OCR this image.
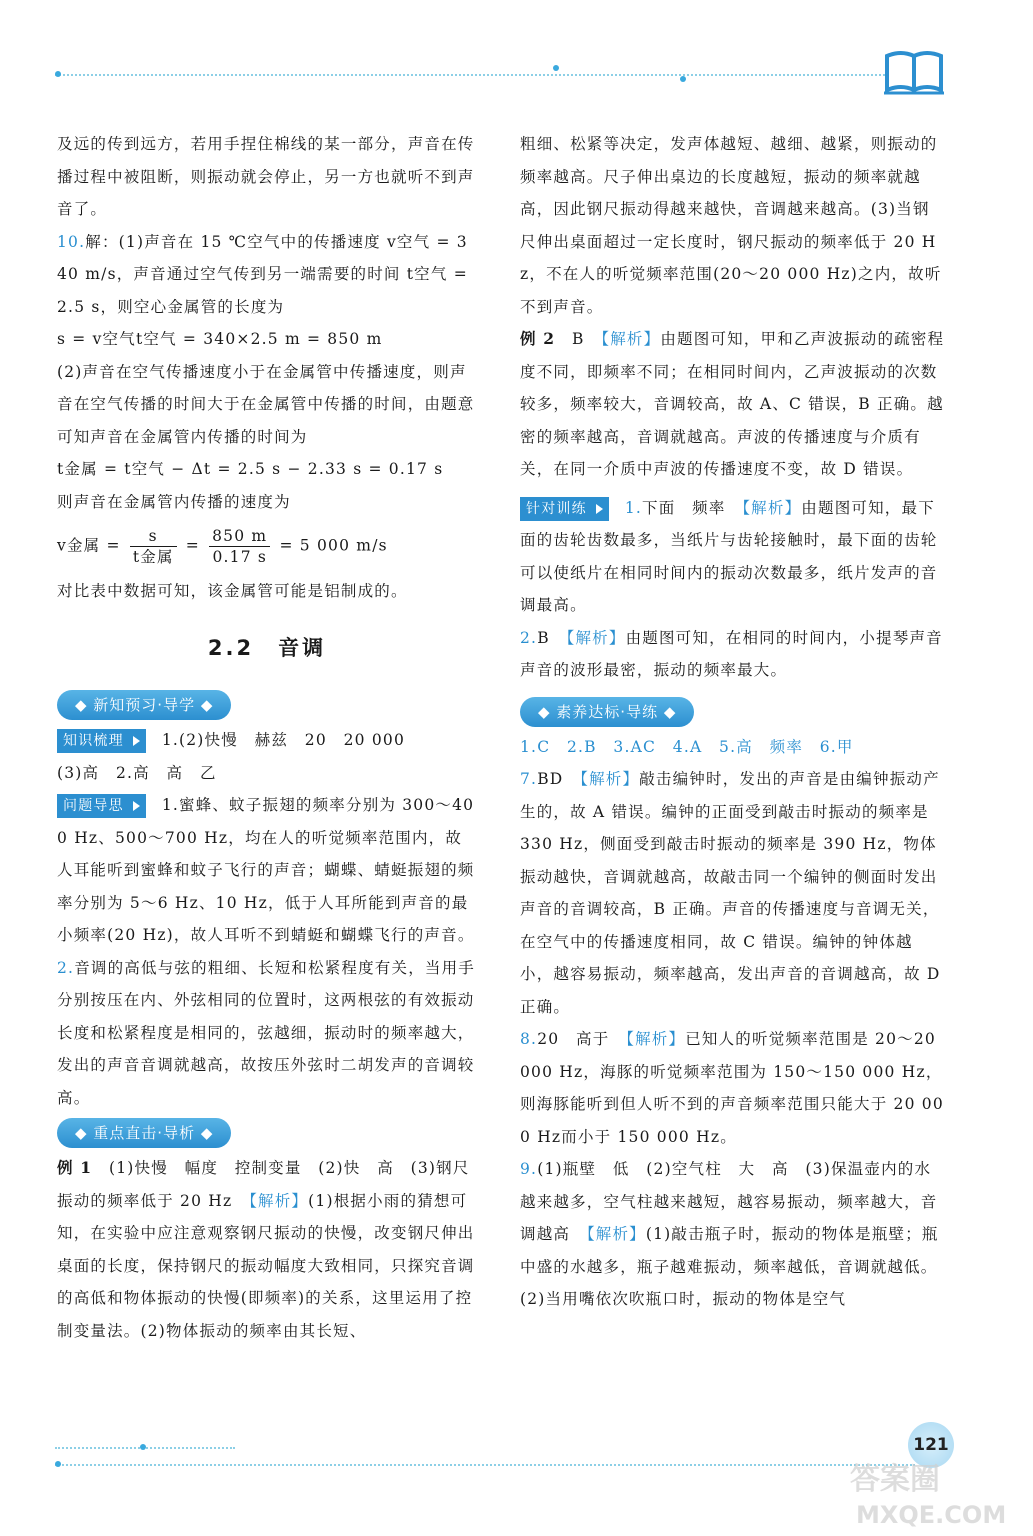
及远的传到远方，若用手捏住棉线的某一部分，声音在传播过程中被阻断，则振动就会停止，另一方也就听不到声音了。

10.解：(1)声音在 15 ℃空气中的传播速度 v空气 = 340 m/s，声音通过空气传到另一端需要的时间 t空气 = 2.5 s，则空心金属管的长度为

s = v空气t空气 = 340×2.5 m = 850 m

(2)声音在空气传播速度小于在金属管中传播速度，则声音在空气传播的时间大于在金属管中传播的时间，由题意可知声音在金属管内传播的时间为

t金属 = t空气 − Δt = 2.5 s − 2.33 s = 0.17 s

则声音在金属管内传播的速度为

v金属 = $\frac{s}{\text{t金属}} = \frac{850 m}{0.17 s} = 5$ 000 m/s

对比表中数据可知，该金属管可能是铝制成的。

2.2　音调
◆ 新知预习·导学 ◆

知识梳理 1.(2)快慢　赫兹　20　20 000

(3)高　2.高　高　乙

问题导思 1.蜜蜂、蚊子振翅的频率分别为 300～400 Hz、500～700 Hz，均在人的听觉频率范围内，故人耳能听到蜜蜂和蚊子飞行的声音；蝴蝶、蜻蜓振翅的频率分别为 5～6 Hz、10 Hz，低于人耳所能到声音的最小频率(20 Hz)，故人耳听不到蜻蜓和蝴蝶飞行的声音。

2.音调的高低与弦的粗细、长短和松紧程度有关，当用手分别按压在内、外弦相同的位置时，这两根弦的有效振动长度和松紧程度是相同的，弦越细，振动时的频率越大，发出的声音音调就越高，故按压外弦时二胡发声的音调较高。

◆ 重点直击·导析 ◆

例 1　 (1)快慢　幅度　控制变量　(2)快　高　(3)钢尺振动的频率低于 20 Hz　 【解析】(1)根据小雨的猜想可知，在实验中应注意观察钢尺振动的快慢，改变钢尺伸出桌面的长度，保持钢尺的振动幅度大致相同，只探究音调的高低和物体振动的快慢(即频率)的关系，这里运用了控制变量法。(2)物体振动的频率由其长短、

粗细、松紧等决定，发声体越短、越细、越紧，则振动的频率越高。尺子伸出桌边的长度越短，振动的频率就越高，因此钢尺振动得越来越快，音调越来越高。(3)当钢尺伸出桌面超过一定长度时，钢尺振动的频率低于 20 Hz，不在人的听觉频率范围(20～20 000 Hz)之内，故听不到声音。

例 2　 B　 【解析】由题图可知，甲和乙声波振动的疏密程度不同，即频率不同；在相同时间内，乙声波振动的次数较多，频率较大，音调较高，故 A、C 错误，B 正确。越密的频率越高，音调就越高。声波的传播速度与介质有关，在同一介质中声波的传播速度不变，故 D 错误。

针对训练 1.下面　频率　 【解析】由题图可知，最下面的齿轮齿数最多，当纸片与齿轮接触时，最下面的齿轮可以使纸片在相同时间内的振动次数最多，纸片发声的音调最高。

2.B　 【解析】由题图可知，在相同的时间内，小提琴声音声音的波形最密，振动的频率最大。

◆ 素养达标·导练 ◆

1.C　2.B　3.AC　4.A　5.高　频率　6.甲

7.BD　 【解析】敲击编钟时，发出的声音是由编钟振动产生的，故 A 错误。编钟的正面受到敲击时振动的频率是 330 Hz，侧面受到敲击时振动的频率是 390 Hz，物体振动越快，音调就越高，故敲击同一个编钟的侧面时发出声音的音调较高，B 正确。声音的传播速度与音调无关，在空气中的传播速度相同，故 C 错误。编钟的钟体越小，越容易振动，频率越高，发出声音的音调越高，故 D 正确。

8.20　高于　 【解析】已知人的听觉频率范围是 20～20 000 Hz，海豚的听觉频率范围为 150～150 000 Hz，则海豚能听到但人听不到的声音频率范围只能大于 20 000 Hz而小于 150 000 Hz。

9.(1)瓶壁　低　(2)空气柱　大　高　(3)保温壶内的水越来越多，空气柱越来越短，越容易振动，频率越大，音调越高　 【解析】(1)敲击瓶子时，振动的物体是瓶壁；瓶中盛的水越多，瓶子越难振动，频率越低，音调就越低。(2)当用嘴依次吹瓶口时，振动的物体是空气

121
答案圈
MXQE.COM
